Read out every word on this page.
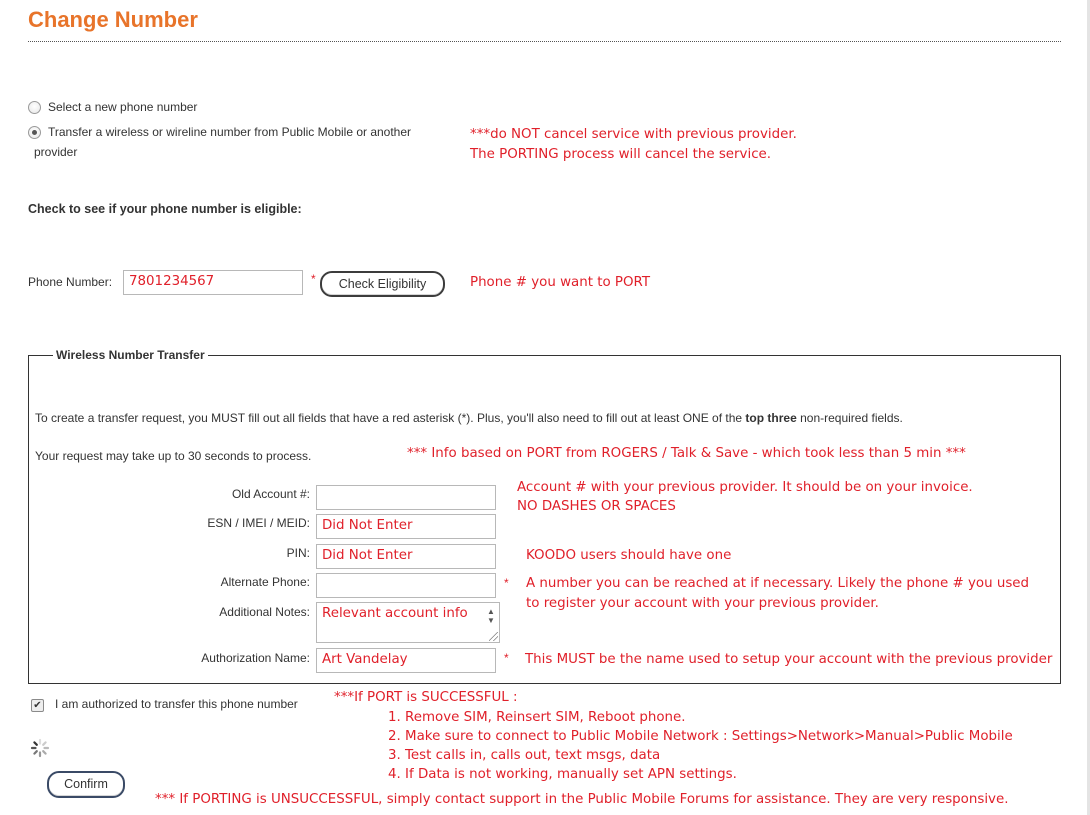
Change Number
Select a new phone number
Transfer a wireless or wireline number from Public Mobile or another
provider
***do NOT cancel service with previous provider.
The PORTING process will cancel the service.
Check to see if your phone number is eligible:
Phone Number:	7801234567	*	Check Eligibility	Phone # you want to PORT
Wireless Number Transfer
To create a transfer request, you MUST fill out all fields that have a red asterisk (*). Plus, you'll also need to fill out at least ONE of the top three non-required fields.
Your request may take up to 30 seconds to process.	*** Info based on PORT from ROGERS / Talk & Save - which took less than 5 min ***
Old Account #:	Account # with your previous provider. It should be on your invoice.
NO DASHES OR SPACES
ESN / IMEI / MEID: Did Not Enter
PIN: Did Not Enter	KOODO users should have one
Alternate Phone:	* A number you can be reached at if necessary. Likely the phone # you used
to register your account with your previous provider.
Additional Notes: Relevant account info	▲
▼
Authorization Name: Art Vandelay	* This MUST be the name used to setup your account with the previous provider
✔ I am authorized to transfer this phone number	***If PORT is SUCCESSFUL :
1. Remove SIM, Reinsert SIM, Reboot phone.
2. Make sure to connect to Public Mobile Network : Settings>Network>Manual>Public Mobile
3. Test calls in, calls out, text msgs, data
4. If Data is not working, manually set APN settings.
Confirm
*** If PORTING is UNSUCCESSFUL, simply contact support in the Public Mobile Forums for assistance. They are very responsive.
